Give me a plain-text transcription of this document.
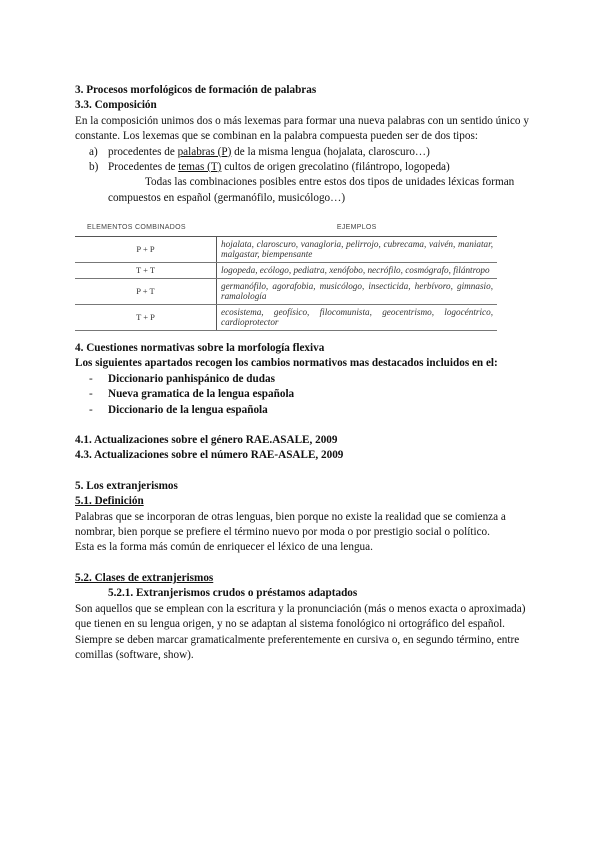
3. Procesos morfológicos de formación de palabras

3.3. Composición

En la composición unimos dos o más lexemas para formar una nueva palabras con un sentido único y constante. Los lexemas que se combinan en la palabra compuesta pueden ser de dos tipos:

a) procedentes de palabras (P) de la misma lengua (hojalata, claroscuro…)
b) Procedentes de temas (T) cultos de origen grecolatino (filántropo, logopeda)

Todas las combinaciones posibles entre estos dos tipos de unidades léxicas forman compuestos en español (germanófilo, musicólogo…)

ELEMENTOS COMBINADOS	EJEMPLOS
P + P	hojalata, claroscuro, vanagloria, pelirrojo, cubrecama, vaivén, maniatar, malgastar, biempensante
T + T	logopeda, ecólogo, pediatra, xenófobo, necrófilo, cosmógrafo, filántropo
P + T	germanófilo, agorafobia, musicólogo, insecticida, herbívoro, gimnasio, ramalología
T + P	ecosistema, geofísico, filocomunista, geocentrismo, logocéntrico, cardioprotector

4. Cuestiones normativas sobre la morfología flexiva

Los siguientes apartados recogen los cambios normativos mas destacados incluidos en el:

-	Diccionario panhispánico de dudas
-	Nueva gramatica de la lengua española
-	Diccionario de la lengua española

4.1. Actualizaciones sobre el género RAE.ASALE, 2009

4.3. Actualizaciones sobre el número RAE-ASALE, 2009

5. Los extranjerismos

5.1. Definición

Palabras que se incorporan de otras lenguas, bien porque no existe la realidad que se comienza a nombrar, bien porque se prefiere el término nuevo por moda o por prestigio social o político.

Esta es la forma más común de enriquecer el léxico de una lengua.

5.2. Clases de extranjerismos

5.2.1. Extranjerismos crudos o préstamos adaptados

Son aquellos que se emplean con la escritura y la pronunciación (más o menos exacta o aproximada) que tienen en su lengua origen, y no se adaptan al sistema fonológico ni ortográfico del español. Siempre se deben marcar gramaticalmente preferentemente en cursiva o, en segundo término, entre comillas (software, show).
